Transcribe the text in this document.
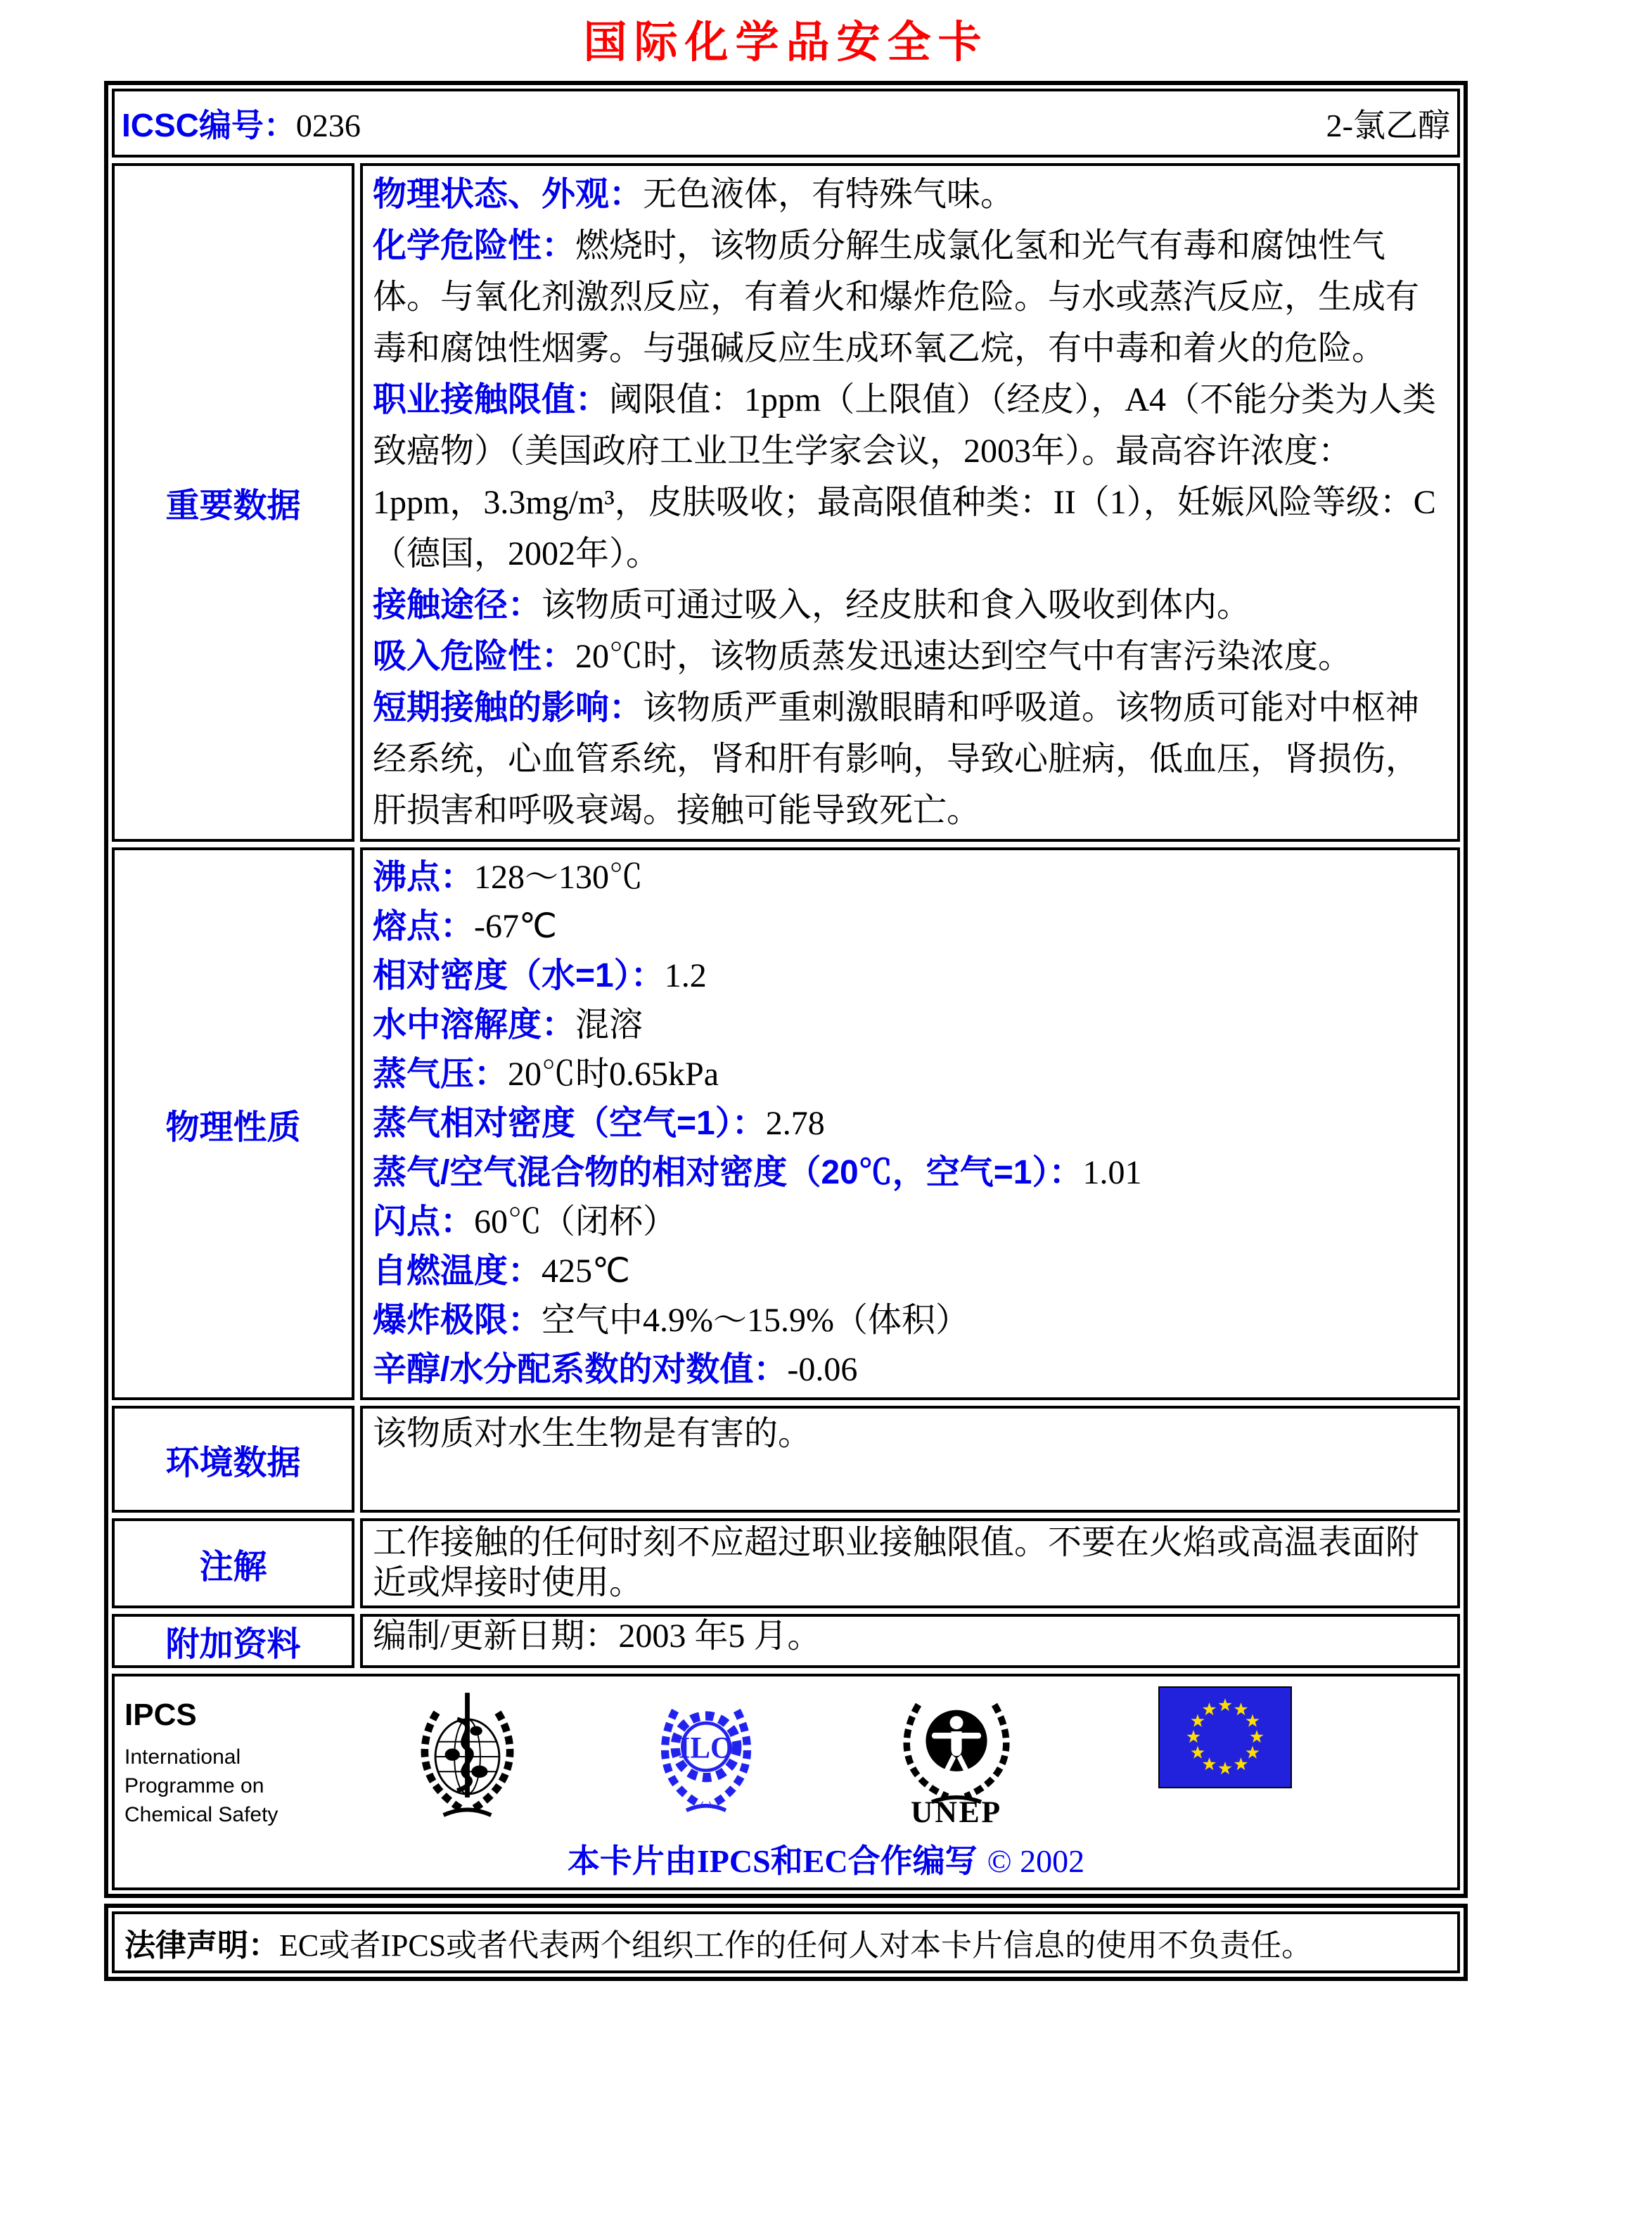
国际化学品安全卡
ICSC编号：0236	2-氯乙醇
重要数据
物理状态、外观：无色液体，有特殊气味。
化学危险性：燃烧时，该物质分解生成氯化氢和光气有毒和腐蚀性气体。与氧化剂激烈反应，有着火和爆炸危险。与水或蒸汽反应，生成有毒和腐蚀性烟雾。与强碱反应生成环氧乙烷，有中毒和着火的危险。
职业接触限值：阈限值：1ppm（上限值）（经皮），A4（不能分类为人类致癌物）（美国政府工业卫生学家会议，2003年）。最高容许浓度：1ppm，3.3mg/m³，皮肤吸收；最高限值种类：II（1），妊娠风险等级：C（德国，2002年）。
接触途径：该物质可通过吸入，经皮肤和食入吸收到体内。
吸入危险性：20℃时，该物质蒸发迅速达到空气中有害污染浓度。
短期接触的影响：该物质严重刺激眼睛和呼吸道。该物质可能对中枢神经系统，心血管系统，肾和肝有影响，导致心脏病，低血压，肾损伤，肝损害和呼吸衰竭。接触可能导致死亡。
物理性质
沸点：128～130℃
熔点：-67℃
相对密度（水=1）：1.2
水中溶解度：混溶
蒸气压：20℃时0.65kPa
蒸气相对密度（空气=1）：2.78
蒸气/空气混合物的相对密度（20℃，空气=1）：1.01
闪点：60℃（闭杯）
自燃温度：425℃
爆炸极限：空气中4.9%～15.9%（体积）
辛醇/水分配系数的对数值：-0.06
环境数据
该物质对水生生物是有害的。
注解
工作接触的任何时刻不应超过职业接触限值。不要在火焰或高温表面附近或焊接时使用。
附加资料	编制/更新日期：2003 年5 月。
IPCS
International
Programme on
Chemical Safety
ILO
UNEP
本卡片由IPCS和EC合作编写 © 2002
法律声明： EC或者IPCS或者代表两个组织工作的任何人对本卡片信息的使用不负责任。
